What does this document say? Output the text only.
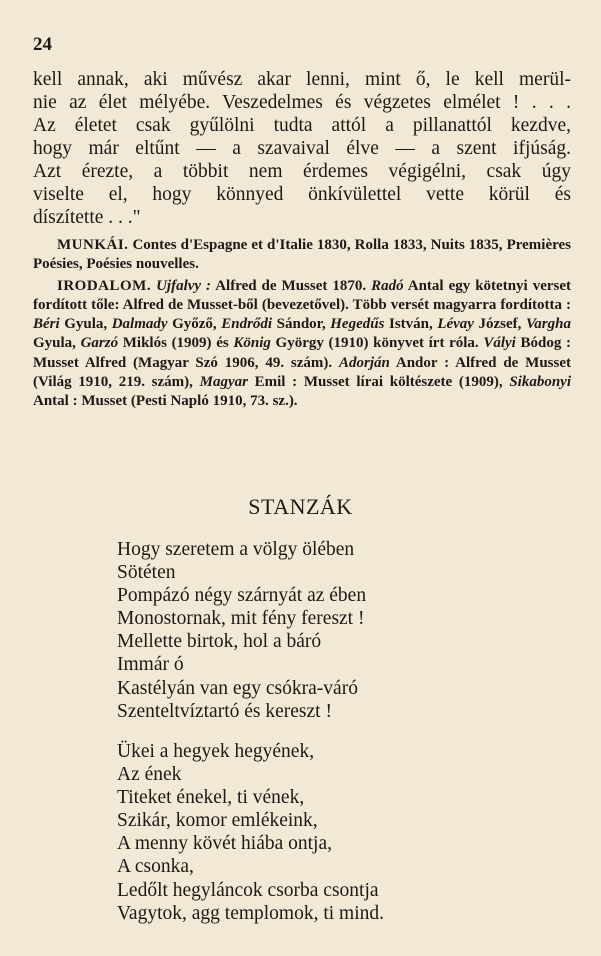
24
kell annak, aki művész akar lenni, mint ő, le kell merül-
nie az élet mélyébe. Veszedelmes és végzetes elmélet ! . . .
Az életet csak gyűlölni tudta attól a pillanattól kezdve,
hogy már eltűnt — a szavaival élve — a szent ifjúság.
Azt érezte, a többit nem érdemes végigélni, csak úgy
viselte el, hogy könnyed önkívülettel vette körül és
díszítette . . ."

MUNKÁI. Contes d'Espagne et d'Italie 1830, Rolla 1833, Nuits 1835, Premières Poésies, Poésies nouvelles.

IRODALOM. Ujfalvy : Alfred de Musset 1870. Radó Antal egy kötetnyi verset fordított tőle: Alfred de Musset-ből (bevezetővel). Több versét magyarra fordította : Béri Gyula, Dalmady Győző, Endrődi Sándor, Hegedűs István, Lévay József, Vargha Gyula, Garzó Miklós (1909) és König György (1910) könyvet írt róla. Vályi Bódog : Musset Alfred (Magyar Szó 1906, 49. szám). Adorján Andor : Alfred de Musset (Világ 1910, 219. szám), Magyar Emil : Musset lírai költészete (1909), Sikabonyi Antal : Musset (Pesti Napló 1910, 73. sz.).

STANZÁK
Hogy szeretem a völgy ölében
Sötéten
Pompázó négy szárnyát az ében
Monostornak, mit fény fereszt !
Mellette birtok, hol a báró
Immár ó
Kastélyán van egy csókra-váró
Szenteltvíztartó és kereszt !
Ükei a hegyek hegyének,
Az ének
Titeket énekel, ti vének,
Szikár, komor emlékeink,
A menny kövét hiába ontja,
A csonka,
Ledőlt hegyláncok csorba csontja
Vagytok, agg templomok, ti mind.
